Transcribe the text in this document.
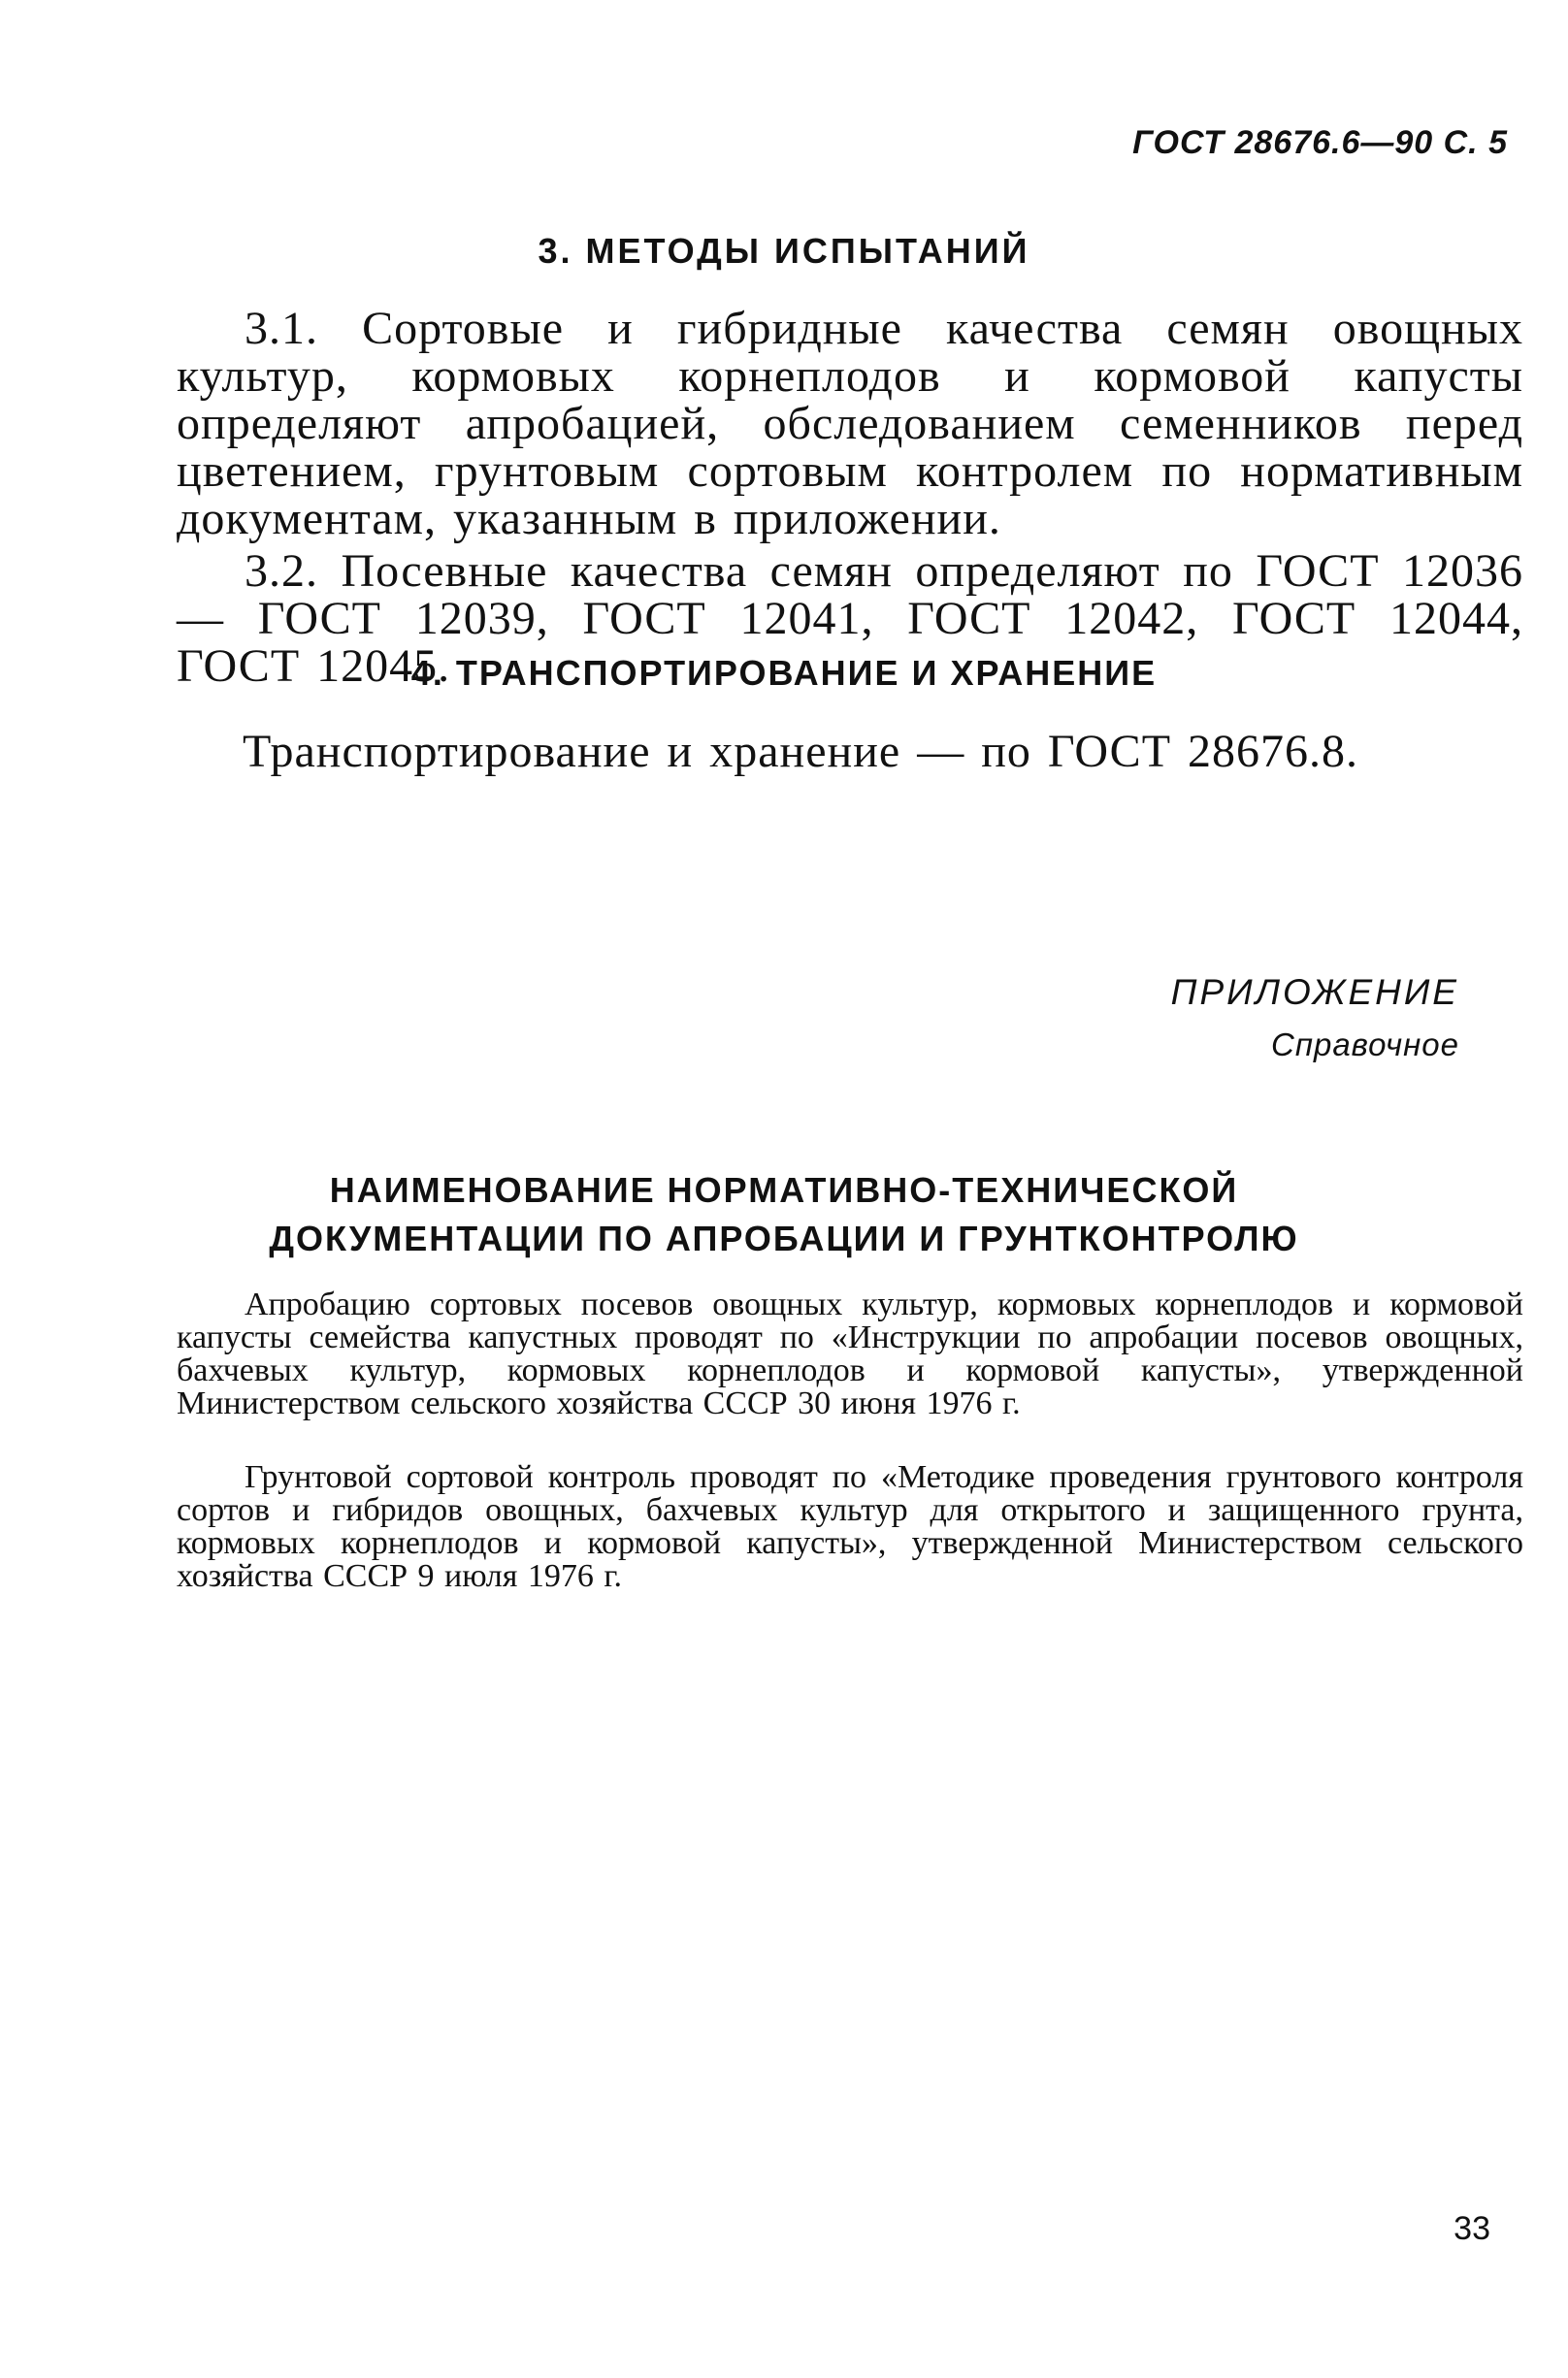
ГОСТ 28676.6—90 С. 5
3. МЕТОДЫ ИСПЫТАНИЙ
3.1. Сортовые и гибридные качества семян овощных культур, кормовых корнеплодов и кормовой капусты определяют апробацией, обследованием семенников перед цветением, грунтовым сортовым контролем по нормативным документам, указанным в приложении.
3.2. Посевные качества семян определяют по ГОСТ 12036 — ГОСТ 12039, ГОСТ 12041, ГОСТ 12042, ГОСТ 12044, ГОСТ 12045.
4. ТРАНСПОРТИРОВАНИЕ И ХРАНЕНИЕ
Транспортирование и хранение — по ГОСТ 28676.8.
ПРИЛОЖЕНИЕ
Справочное
НАИМЕНОВАНИЕ НОРМАТИВНО-ТЕХНИЧЕСКОЙ
ДОКУМЕНТАЦИИ ПО АПРОБАЦИИ И ГРУНТКОНТРОЛЮ
Апробацию сортовых посевов овощных культур, кормовых корнеплодов и кормовой капусты семейства капустных проводят по «Инструкции по апробации посевов овощных, бахчевых культур, кормовых корнеплодов и кормовой капусты», утвержденной Министерством сельского хозяйства СССР 30 июня 1976 г.
Грунтовой сортовой контроль проводят по «Методике проведения грунтового контроля сортов и гибридов овощных, бахчевых культур для открытого и защищенного грунта, кормовых корнеплодов и кормовой капусты», утвержденной Министерством сельского хозяйства СССР 9 июля 1976 г.
33
